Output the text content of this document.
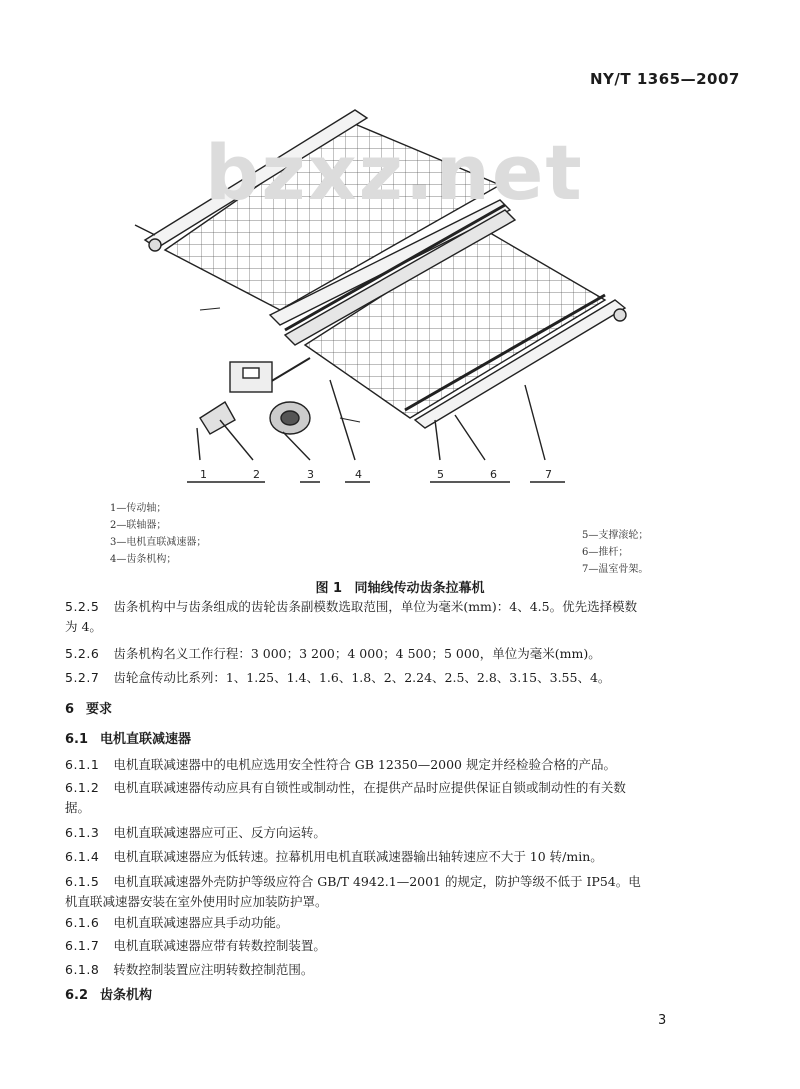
NY/T 1365—2007
1	2	3	4	5	6	7
bzxz.net
1—传动轴；
2—联轴器；
3—电机直联减速器；
4—齿条机构；
5—支撑滚轮；
6—推杆；
7—温室骨架。
图 1 同轴线传动齿条拉幕机
5.2.5 齿条机构中与齿条组成的齿轮齿条副模数选取范围，单位为毫米(mm)：4、4.5。优先选择模数
为 4。
5.2.6 齿条机构名义工作行程：3 000；3 200；4 000；4 500；5 000，单位为毫米(mm)。
5.2.7 齿轮盒传动比系列：1、1.25、1.4、1.6、1.8、2、2.24、2.5、2.8、3.15、3.55、4。
6 要求
6.1 电机直联减速器
6.1.1 电机直联减速器中的电机应选用安全性符合 GB 12350—2000 规定并经检验合格的产品。
6.1.2 电机直联减速器传动应具有自锁性或制动性，在提供产品时应提供保证自锁或制动性的有关数
据。
6.1.3 电机直联减速器应可正、反方向运转。
6.1.4 电机直联减速器应为低转速。拉幕机用电机直联减速器输出轴转速应不大于 10 转/min。
6.1.5 电机直联减速器外壳防护等级应符合 GB/T 4942.1—2001 的规定，防护等级不低于 IP54。电
机直联减速器安装在室外使用时应加装防护罩。
6.1.6 电机直联减速器应具手动功能。
6.1.7 电机直联减速器应带有转数控制装置。
6.1.8 转数控制装置应注明转数控制范围。
6.2 齿条机构
3
